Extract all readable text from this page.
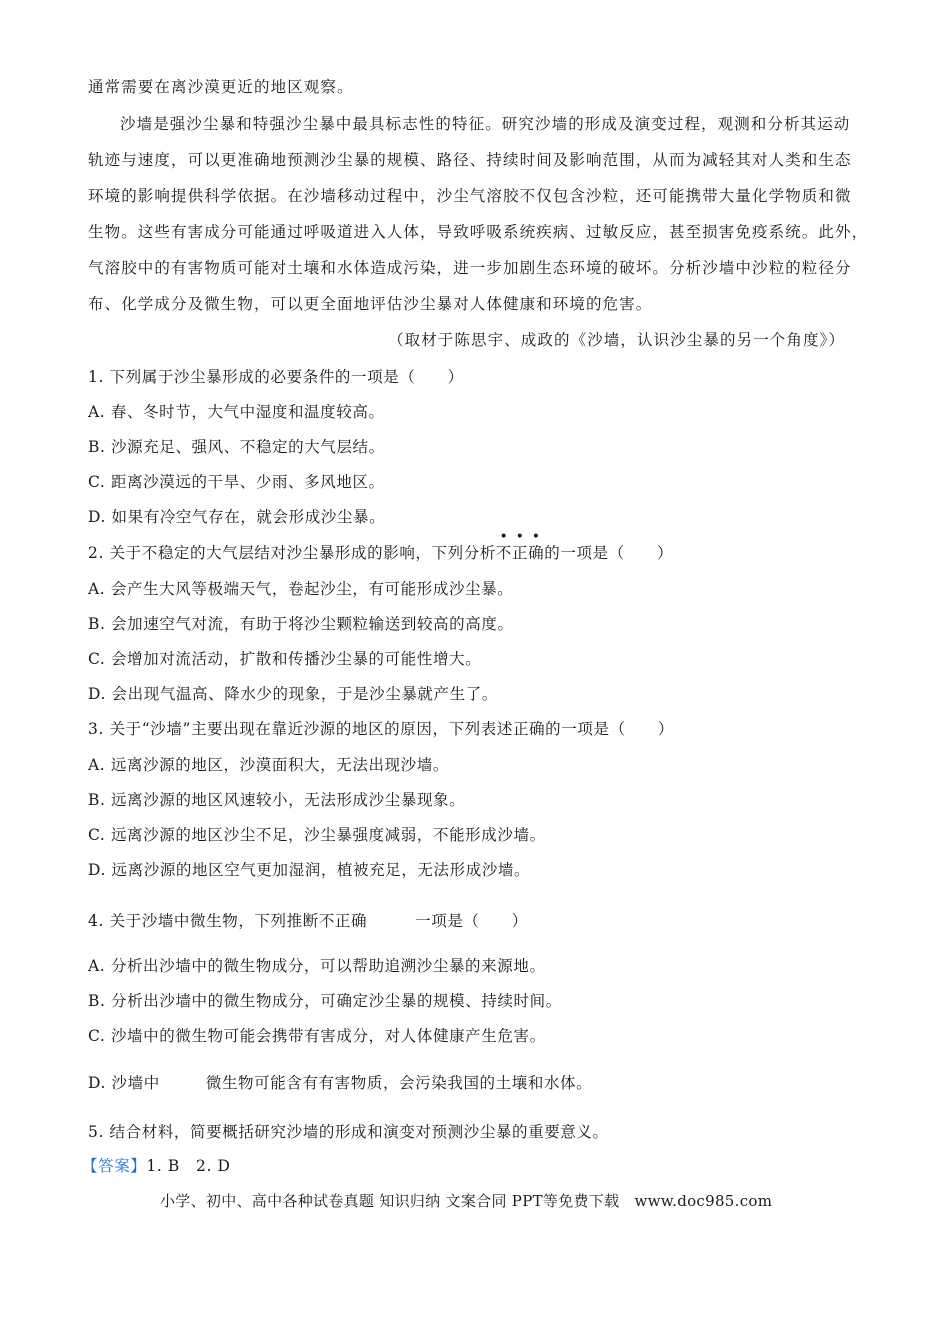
通常需要在离沙漠更近的地区观察。
沙墙是强沙尘暴和特强沙尘暴中最具标志性的特征。研究沙墙的形成及演变过程，观测和分析其运动
轨迹与速度，可以更准确地预测沙尘暴的规模、路径、持续时间及影响范围，从而为减轻其对人类和生态
环境的影响提供科学依据。在沙墙移动过程中，沙尘气溶胶不仅包含沙粒，还可能携带大量化学物质和微
生物。这些有害成分可能通过呼吸道进入人体，导致呼吸系统疾病、过敏反应，甚至损害免疫系统。此外，
气溶胶中的有害物质可能对土壤和水体造成污染，进一步加剧生态环境的破坏。分析沙墙中沙粒的粒径分
布、化学成分及微生物，可以更全面地评估沙尘暴对人体健康和环境的危害。
（取材于陈思宇、成政的《沙墙，认识沙尘暴的另一个角度》）
1. 下列属于沙尘暴形成的必要条件的一项是（　　）
A. 春、冬时节，大气中湿度和温度较高。
B. 沙源充足、强风、不稳定的大气层结。
C. 距离沙漠远的干旱、少雨、多风地区。
D. 如果有冷空气存在，就会形成沙尘暴。
2. 关于不稳定的大气层结对沙尘暴形成的影响，下列分析
•
不
•
正
•
确的一项是（　　）
A. 会产生大风等极端天气，卷起沙尘，有可能形成沙尘暴。
B. 会加速空气对流，有助于将沙尘颗粒输送到较高的高度。
C. 会增加对流活动，扩散和传播沙尘暴的可能性增大。
D. 会出现气温高、降水少的现象，于是沙尘暴就产生了。
3. 关于“沙墙”主要出现在靠近沙源的地区的原因，下列表述正确的一项是（　　）
A. 远离沙源的地区，沙漠面积大，无法出现沙墙。
B. 远离沙源的地区风速较小，无法形成沙尘暴现象。
C. 远离沙源的地区沙尘不足，沙尘暴强度减弱，不能形成沙墙。
D. 远离沙源的地区空气更加湿润，植被充足，无法形成沙墙。
4. 关于沙墙中微生物，下列推断不正确	一项是（　　）
A. 分析出沙墙中的微生物成分，可以帮助追溯沙尘暴的来源地。
B. 分析出沙墙中的微生物成分，可确定沙尘暴的规模、持续时间。
C. 沙墙中的微生物可能会携带有害成分，对人体健康产生危害。
D. 沙墙中	微生物可能含有有害物质，会污染我国的土壤和水体。
5. 结合材料，简要概括研究沙墙的形成和演变对预测沙尘暴的重要意义。
【答案】1. B　2. D
小学、初中、高中各种试卷真题 知识归纳 文案合同 PPT等免费下载 www.doc985.com
